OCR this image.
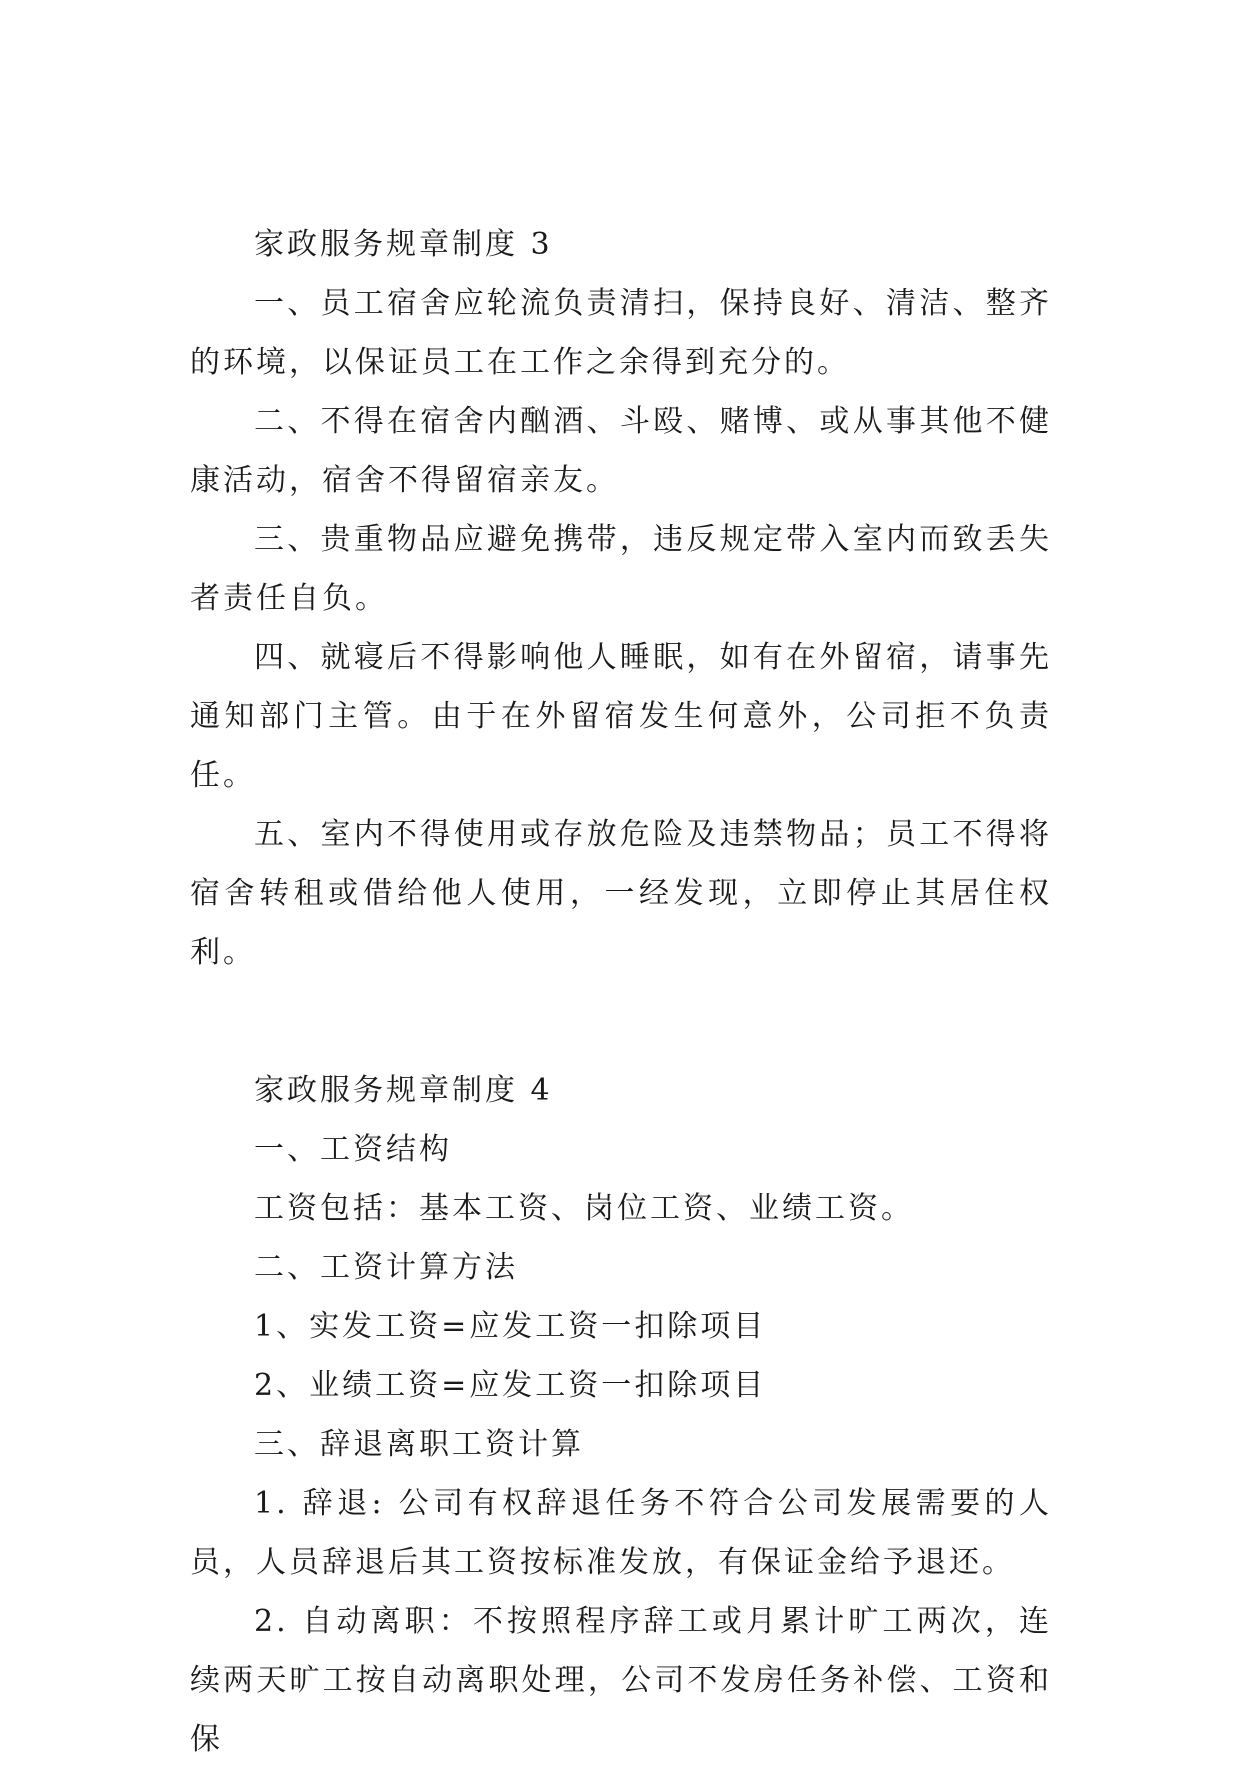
家政服务规章制度 3

一、员工宿舍应轮流负责清扫，保持良好、清洁、整齐的环境，以保证员工在工作之余得到充分的。

二、不得在宿舍内酗酒、斗殴、赌博、或从事其他不健康活动，宿舍不得留宿亲友。

三、贵重物品应避免携带，违反规定带入室内而致丢失者责任自负。

四、就寝后不得影响他人睡眠，如有在外留宿，请事先通知部门主管。由于在外留宿发生何意外，公司拒不负责任。

五、室内不得使用或存放危险及违禁物品；员工不得将宿舍转租或借给他人使用，一经发现，立即停止其居住权利。

家政服务规章制度 4

一、工资结构

工资包括：基本工资、岗位工资、业绩工资。

二、工资计算方法

1、实发工资=应发工资一扣除项目

2、业绩工资=应发工资一扣除项目

三、辞退离职工资计算

1. 辞退: 公司有权辞退任务不符合公司发展需要的人员，人员辞退后其工资按标准发放，有保证金给予退还。

2. 自动离职：不按照程序辞工或月累计旷工两次，连续两天旷工按自动离职处理，公司不发房任务补偿、工资和保
